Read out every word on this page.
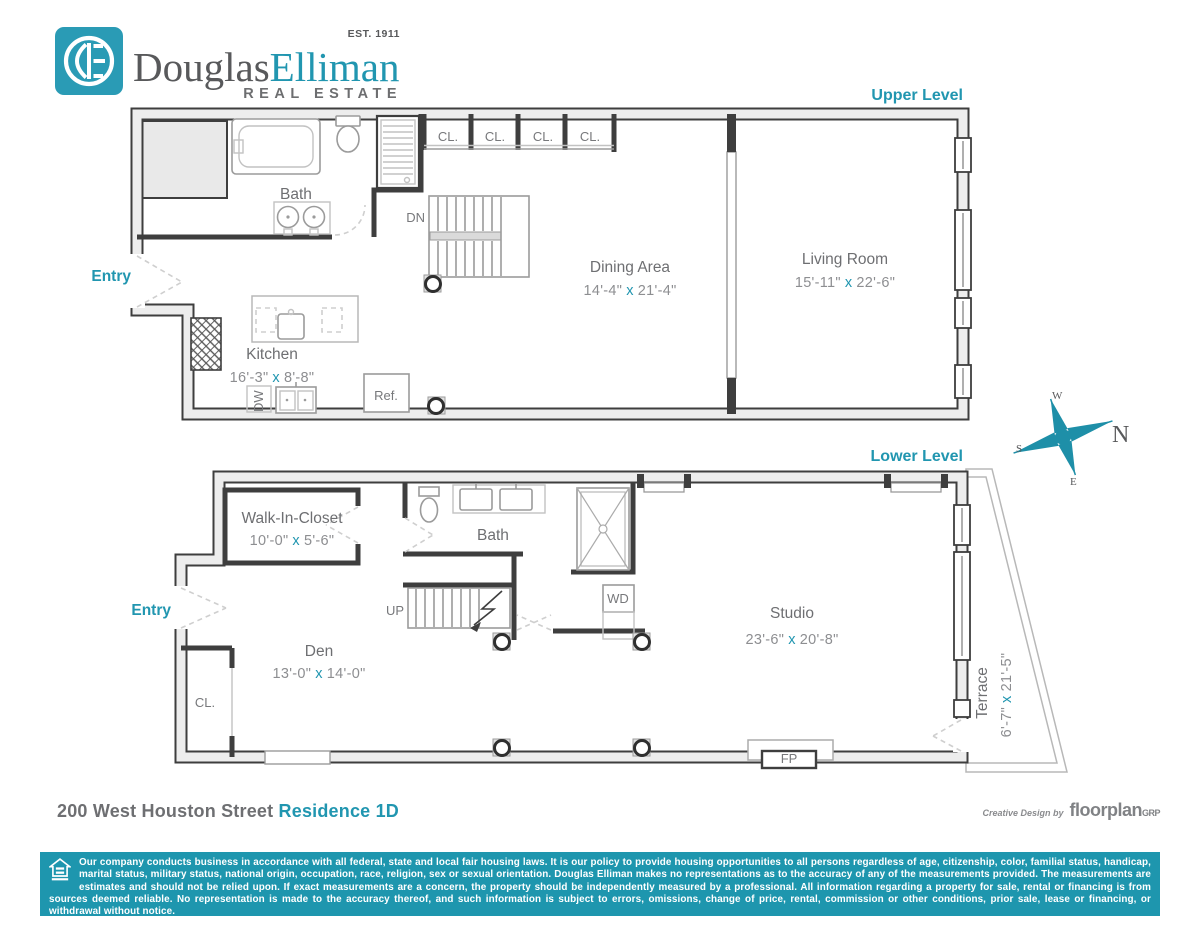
DouglasElliman
EST. 1911
REAL ESTATE	Upper Level
Entry
Bath
DN
CL. CL. CL. CL.
Dining Area
14'-4" x 21'-4"
Living Room
15'-11" x 22'-6"
Kitchen
16'-3" x 8'-8"
DW	Ref.
N
W
S
E
Lower Level
Entry
Walk-In-Closet
10'-0" x 5'-6"	Bath
UP
WD
Den
13'-0" x 14'-0"
CL.
Studio
23'-6" x 20'-8"
FP
Terrace
6'-7"x21'-5"
200 West Houston Street Residence 1D	Creative Design by floorplanGRP
Our company conducts business in accordance with all federal, state and local fair housing laws. It is our policy to provide housing opportunities to all persons regardless of age, citizenship, color, familial status, handicap, marital status, military status, national origin, occupation, race, religion, sex or sexual orientation. Douglas Elliman makes no representations as to the accuracy of any of the measurements provided. The measurements are estimates and should not be relied upon. If exact measurements are a concern, the property should be independently measured by a professional. All information regarding a property for sale, rental or financing is from sources deemed reliable. No representation is made to the accuracy thereof, and such information is subject to errors, omissions, change of price, rental, commission or other conditions, prior sale, lease or financing, or withdrawal without notice.
